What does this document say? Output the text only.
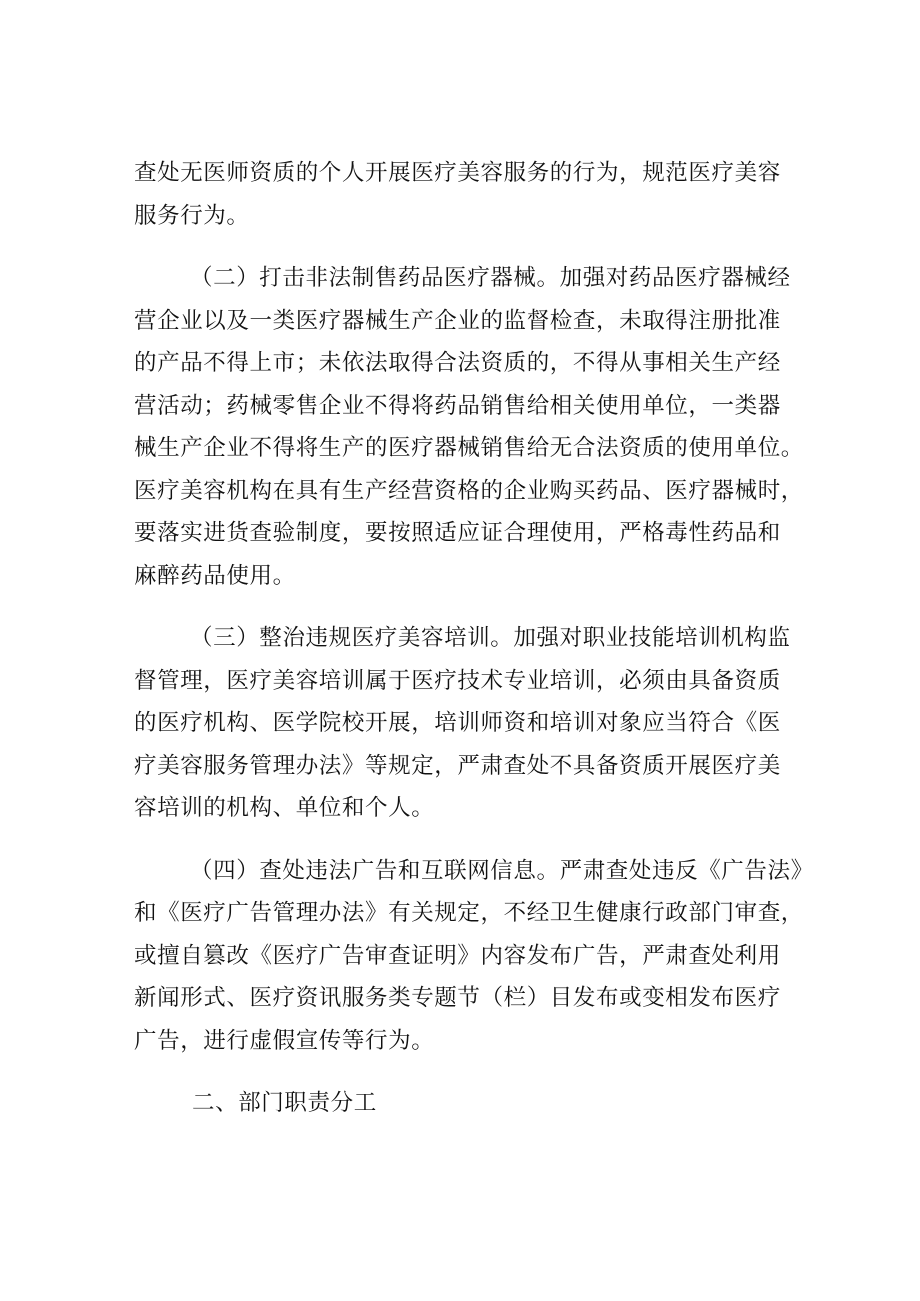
查处无医师资质的个人开展医疗美容服务的行为，规范医疗美容
服务行为。

（二）打击非法制售药品医疗器械。加强对药品医疗器械经
营企业以及一类医疗器械生产企业的监督检查，未取得注册批准
的产品不得上市；未依法取得合法资质的，不得从事相关生产经
营活动；药械零售企业不得将药品销售给相关使用单位，一类器
械生产企业不得将生产的医疗器械销售给无合法资质的使用单位。
医疗美容机构在具有生产经营资格的企业购买药品、医疗器械时，
要落实进货查验制度，要按照适应证合理使用，严格毒性药品和
麻醉药品使用。

（三）整治违规医疗美容培训。加强对职业技能培训机构监
督管理，医疗美容培训属于医疗技术专业培训，必须由具备资质
的医疗机构、医学院校开展，培训师资和培训对象应当符合《医
疗美容服务管理办法》等规定，严肃查处不具备资质开展医疗美
容培训的机构、单位和个人。

（四）查处违法广告和互联网信息。严肃查处违反《广告法》
和《医疗广告管理办法》有关规定，不经卫生健康行政部门审查，
或擅自篡改《医疗广告审查证明》内容发布广告，严肃查处利用
新闻形式、医疗资讯服务类专题节（栏）目发布或变相发布医疗
广告，进行虚假宣传等行为。

二、部门职责分工
